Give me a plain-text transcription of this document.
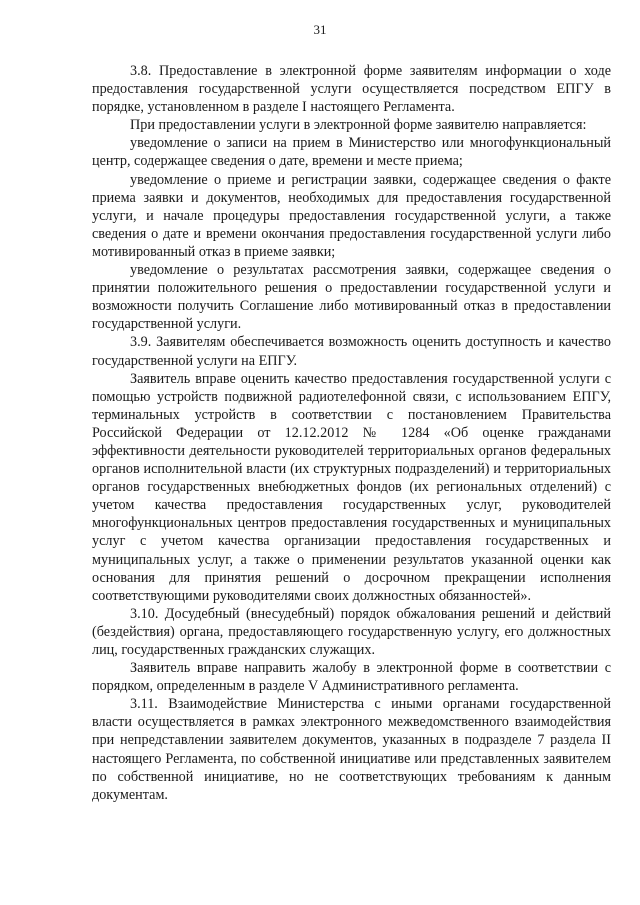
31

3.8. Предоставление в электронной форме заявителям информации о ходе предоставления государственной услуги осуществляется посредством ЕПГУ в порядке, установленном в разделе I настоящего Регламента.

При предоставлении услуги в электронной форме заявителю направляется:

уведомление о записи на прием в Министерство или многофункциональный центр, содержащее сведения о дате, времени и месте приема;

уведомление о приеме и регистрации заявки, содержащее сведения о факте приема заявки и документов, необходимых для предоставления государственной услуги, и начале процедуры предоставления государственной услуги, а также сведения о дате и времени окончания предоставления государственной услуги либо мотивированный отказ в приеме заявки;

уведомление о результатах рассмотрения заявки, содержащее сведения о принятии положительного решения о предоставлении государственной услуги и возможности получить Соглашение либо мотивированный отказ в предоставлении государственной услуги.

3.9. Заявителям обеспечивается возможность оценить доступность и качество государственной услуги на ЕПГУ.

Заявитель вправе оценить качество предоставления государственной услуги с помощью устройств подвижной радиотелефонной связи, с использованием ЕПГУ, терминальных устройств в соответствии с постановлением Правительства Российской Федерации от 12.12.2012 № 1284 «Об оценке гражданами эффективности деятельности руководителей территориальных органов федеральных органов исполнительной власти (их структурных подразделений) и территориальных органов государственных внебюджетных фондов (их региональных отделений) с учетом качества предоставления государственных услуг, руководителей многофункциональных центров предоставления государственных и муниципальных услуг с учетом качества организации предоставления государственных и муниципальных услуг, а также о применении результатов указанной оценки как основания для принятия решений о досрочном прекращении исполнения соответствующими руководителями своих должностных обязанностей».

3.10. Досудебный (внесудебный) порядок обжалования решений и действий (бездействия) органа, предоставляющего государственную услугу, его должностных лиц, государственных гражданских служащих.

Заявитель вправе направить жалобу в электронной форме в соответствии с порядком, определенным в разделе V Административного регламента.

3.11. Взаимодействие Министерства с иными органами государственной власти осуществляется в рамках электронного межведомственного взаимодействия при непредставлении заявителем документов, указанных в подразделе 7 раздела II настоящего Регламента, по собственной инициативе или представленных заявителем по собственной инициативе, но не соответствующих требованиям к данным документам.
